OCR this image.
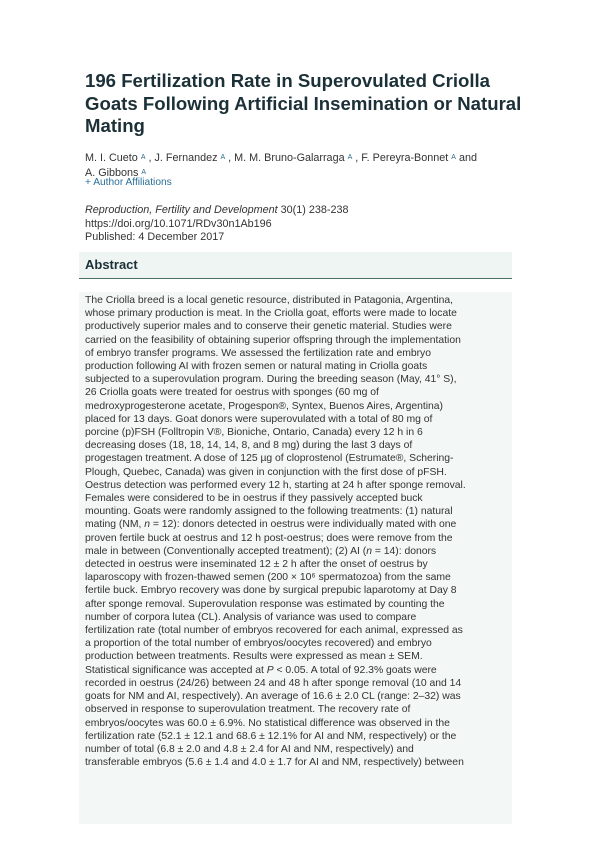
196 Fertilization Rate in Superovulated Criolla Goats Following Artificial Insemination or Natural Mating
M. I. Cueto $^A$ , J. Fernandez $^A$ , M. M. Bruno-Galarraga $^A$ , F. Pereyra-Bonnet $^A$ and
A. Gibbons $^A$
+ Author Affiliations
Reproduction, Fertility and Development 30(1) 238-238
https://doi.org/10.1071/RDv30n1Ab196
Published: 4 December 2017
Abstract
The Criolla breed is a local genetic resource, distributed in Patagonia, Argentina,
whose primary production is meat. In the Criolla goat, efforts were made to locate
productively superior males and to conserve their genetic material. Studies were
carried on the feasibility of obtaining superior offspring through the implementation
of embryo transfer programs. We assessed the fertilization rate and embryo
production following AI with frozen semen or natural mating in Criolla goats
subjected to a superovulation program. During the breeding season (May, 41° S),
26 Criolla goats were treated for oestrus with sponges (60 mg of
medroxyprogesterone acetate, Progespon®, Syntex, Buenos Aires, Argentina)
placed for 13 days. Goat donors were superovulated with a total of 80 mg of
porcine (p)FSH (Folltropin V®, Bioniche, Ontario, Canada) every 12 h in 6
decreasing doses (18, 18, 14, 14, 8, and 8 mg) during the last 3 days of
progestagen treatment. A dose of 125 µg of cloprostenol (Estrumate®, Schering-
Plough, Quebec, Canada) was given in conjunction with the first dose of pFSH.
Oestrus detection was performed every 12 h, starting at 24 h after sponge removal.
Females were considered to be in oestrus if they passively accepted buck
mounting. Goats were randomly assigned to the following treatments: (1) natural
mating (NM, n = 12): donors detected in oestrus were individually mated with one
proven fertile buck at oestrus and 12 h post-oestrus; does were remove from the
male in between (Conventionally accepted treatment); (2) AI (n = 14): donors
detected in oestrus were inseminated 12 ± 2 h after the onset of oestrus by
laparoscopy with frozen-thawed semen (200 × 10⁶ spermatozoa) from the same
fertile buck. Embryo recovery was done by surgical prepubic laparotomy at Day 8
after sponge removal. Superovulation response was estimated by counting the
number of corpora lutea (CL). Analysis of variance was used to compare
fertilization rate (total number of embryos recovered for each animal, expressed as
a proportion of the total number of embryos/oocytes recovered) and embryo
production between treatments. Results were expressed as mean ± SEM.
Statistical significance was accepted at P < 0.05. A total of 92.3% goats were
recorded in oestrus (24/26) between 24 and 48 h after sponge removal (10 and 14
goats for NM and AI, respectively). An average of 16.6 ± 2.0 CL (range: 2–32) was
observed in response to superovulation treatment. The recovery rate of
embryos/oocytes was 60.0 ± 6.9%. No statistical difference was observed in the
fertilization rate (52.1 ± 12.1 and 68.6 ± 12.1% for AI and NM, respectively) or the
number of total (6.8 ± 2.0 and 4.8 ± 2.4 for AI and NM, respectively) and
transferable embryos (5.6 ± 1.4 and 4.0 ± 1.7 for AI and NM, respectively) between
